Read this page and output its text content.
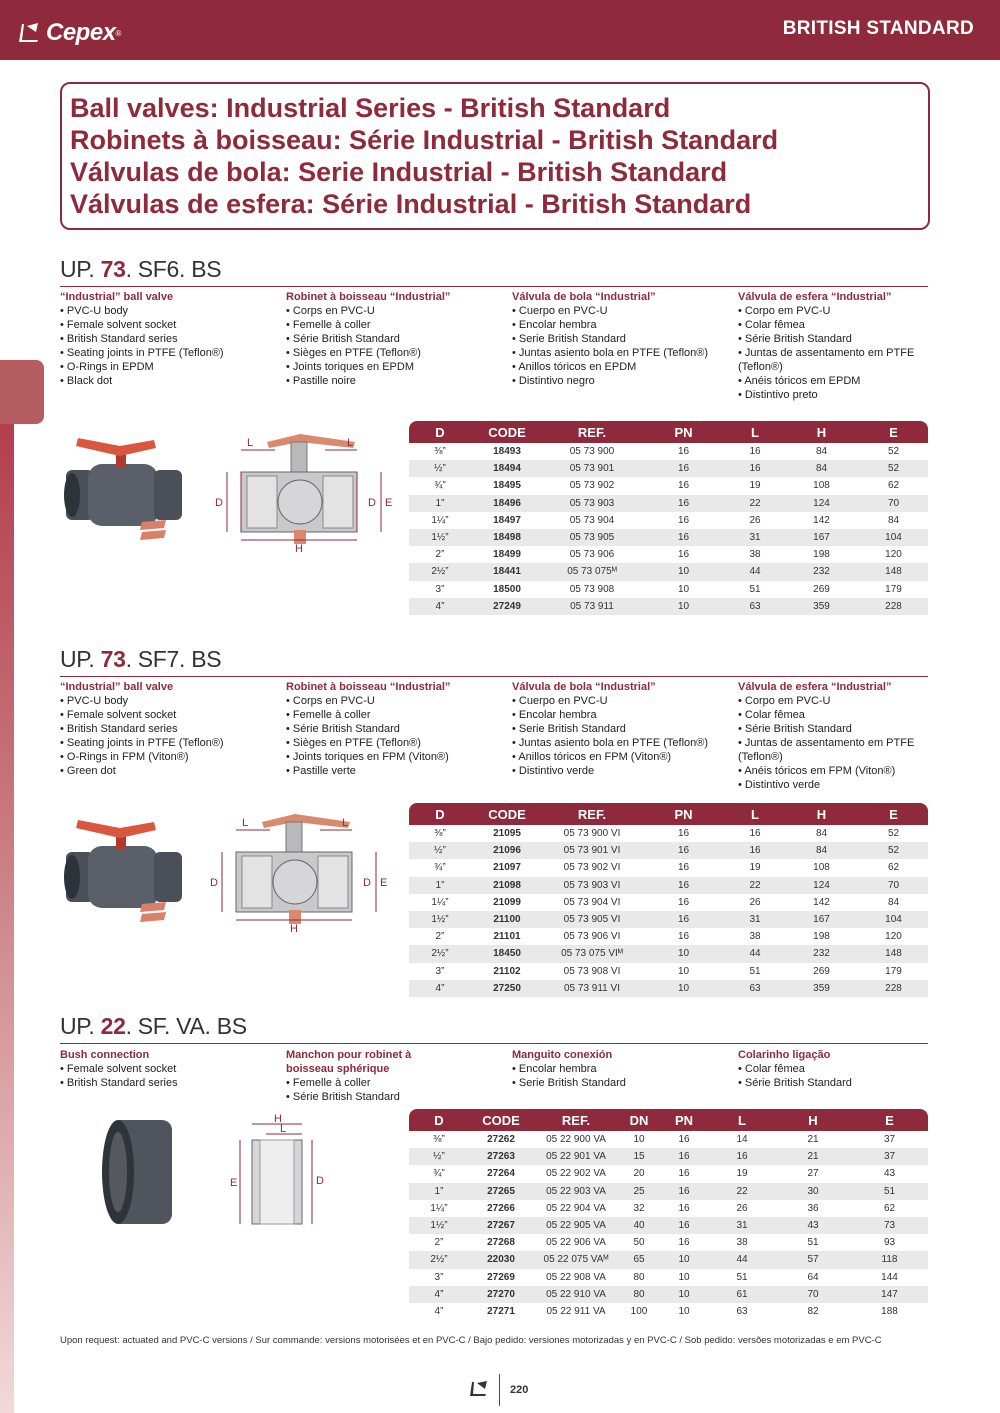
Cepex ®	BRITISH STANDARD
Ball valves: Industrial Series - British Standard
Robinets à boisseau: Série Industrial - British Standard
Válvulas de bola: Serie Industrial - British Standard
Válvulas de esfera: Série Industrial - British Standard
UP. 73. SF6. BS
“Industrial” ball valve
• PVC-U body
• Female solvent socket
• British Standard series
• Seating joints in PTFE (Teflon®)
• O-Rings in EPDM
• Black dot
Robinet à boisseau “Industrial”
• Corps en PVC-U
• Femelle à coller
• Série British Standard
• Sièges en PTFE (Teflon®)
• Joints toriques en EPDM
• Pastille noire
Válvula de bola “Industrial”
• Cuerpo en PVC-U
• Encolar hembra
• Serie British Standard
• Juntas asiento bola en PTFE (Teflon®)
• Anillos tóricos en EPDM
• Distintivo negro
Válvula de esfera “Industrial”
• Corpo em PVC-U
• Colar fêmea
• Série British Standard
• Juntas de assentamento em PTFE (Teflon®)
• Anéis tóricos em EPDM
• Distintivo preto
L	L
H
D	D E
D	CODE	REF.	PN	L	H	E
⅜”	18493	05 73 900	16	16	84	52
½”	18494	05 73 901	16	16	84	52
¾”	18495	05 73 902	16	19	108	62
1”	18496	05 73 903	16	22	124	70
1¼”	18497	05 73 904	16	26	142	84
1½”	18498	05 73 905	16	31	167	104
2”	18499	05 73 906	16	38	198	120
2½”	18441	05 73 075ᴹ	10	44	232	148
3”	18500	05 73 908	10	51	269	179
4”	27249	05 73 911	10	63	359	228
UP. 73. SF7. BS
“Industrial” ball valve
• PVC-U body
• Female solvent socket
• British Standard series
• Seating joints in PTFE (Teflon®)
• O-Rings in FPM (Viton®)
• Green dot
Robinet à boisseau “Industrial”
• Corps en PVC-U
• Femelle à coller
• Série British Standard
• Sièges en PTFE (Teflon®)
• Joints toriques en FPM (Viton®)
• Pastille verte
Válvula de bola “Industrial”
• Cuerpo en PVC-U
• Encolar hembra
• Serie British Standard
• Juntas asiento bola en PTFE (Teflon®)
• Anillos tóricos en FPM (Viton®)
• Distintivo verde
Válvula de esfera “Industrial”
• Corpo em PVC-U
• Colar fêmea
• Série British Standard
• Juntas de assentamento em PTFE (Teflon®)
• Anéis tóricos em FPM (Viton®)
• Distintivo verde
L	L
H
D	D E
D	CODE	REF.	PN	L	H	E
⅜”	21095	05 73 900 VI	16	16	84	52
½”	21096	05 73 901 VI	16	16	84	52
¾”	21097	05 73 902 VI	16	19	108	62
1”	21098	05 73 903 VI	16	22	124	70
1¼”	21099	05 73 904 VI	16	26	142	84
1½”	21100	05 73 905 VI	16	31	167	104
2”	21101	05 73 906 VI	16	38	198	120
2½”	18450	05 73 075 VIᴹ	10	44	232	148
3”	21102	05 73 908 VI	10	51	269	179
4”	27250	05 73 911 VI	10	63	359	228
UP. 22. SF. VA. BS
Bush connection
• Female solvent socket
• British Standard series
Manchon pour robinet à boisseau sphérique
• Femelle à coller
• Série British Standard
Manguito conexión
• Encolar hembra
• Serie British Standard
Colarinho ligação
• Colar fêmea
• Série British Standard
H
L
E	D
D	CODE	REF.	DN	PN	L	H	E
⅜”	27262	05 22 900 VA	10	16	14	21	37
½”	27263	05 22 901 VA	15	16	16	21	37
¾”	27264	05 22 902 VA	20	16	19	27	43
1”	27265	05 22 903 VA	25	16	22	30	51
1¼”	27266	05 22 904 VA	32	16	26	36	62
1½”	27267	05 22 905 VA	40	16	31	43	73
2”	27268	05 22 906 VA	50	16	38	51	93
2½”	22030	05 22 075 VAᴹ	65	10	44	57	118
3”	27269	05 22 908 VA	80	10	51	64	144
4”	27270	05 22 910 VA	80	10	61	70	147
4”	27271	05 22 911 VA	100	10	63	82	188
Upon request: actuated and PVC-C versions / Sur commande: versions motorisées et en PVC-C / Bajo pedido: versiones motorizadas y en PVC-C / Sob pedido: versões motorizadas e em PVC-C
220
